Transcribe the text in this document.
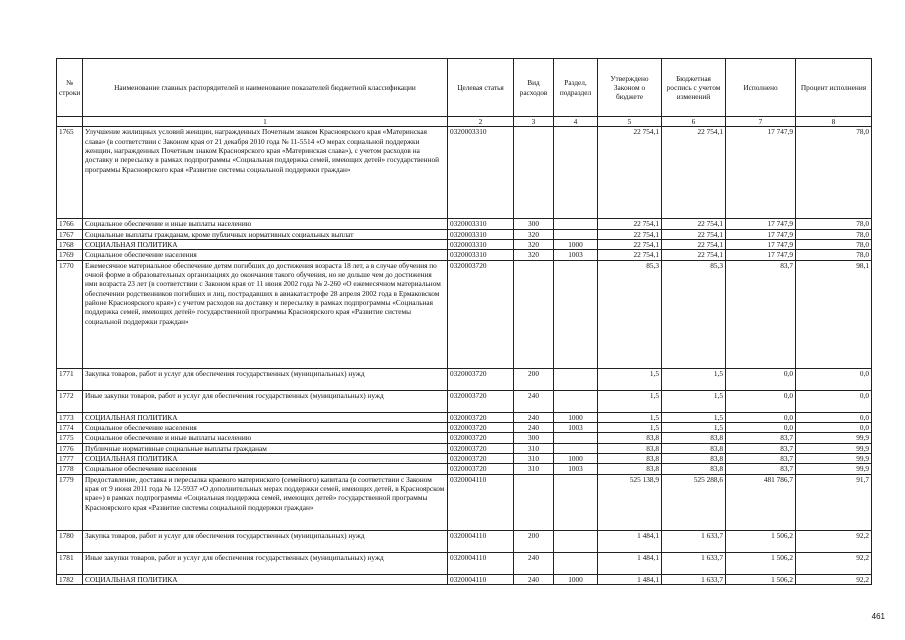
№ строки	Наименование главных распорядителей и наименование показателей бюджетной классификации	Целевая статья	Вид расходов	Раздел, подраздел	Утверждено Законом о бюджете	Бюджетная роспись с учетом изменений	Исполнено	Процент исполнения
	1	2	3	4	5	6	7	8
1765	Улучшение жилищных условий женщин, награжденных Почетным знаком Красноярского края «Материнская слава» (в соответствии с Законом края от 21 декабря 2010 года № 11-5514 «О мерах социальной поддержки женщин, награжденных Почетным знаком Красноярского края «Материнская слава»), с учетом расходов на доставку и пересылку в рамках подпрограммы «Социальная поддержка семей, имеющих детей» государственной программы Красноярского края «Развитие системы социальной поддержки граждан»	0320003310			22 754,1	22 754,1	17 747,9	78,0
1766	Социальное обеспечение и иные выплаты населению	0320003310	300		22 754,1	22 754,1	17 747,9	78,0
1767	Социальные выплаты гражданам, кроме публичных нормативных социальных выплат	0320003310	320		22 754,1	22 754,1	17 747,9	78,0
1768	СОЦИАЛЬНАЯ ПОЛИТИКА	0320003310	320	1000	22 754,1	22 754,1	17 747,9	78,0
1769	Социальное обеспечение населения	0320003310	320	1003	22 754,1	22 754,1	17 747,9	78,0
1770	Ежемесячное материальное обеспечение детям погибших до достижения возраста 18 лет, а в случае обучения по очной форме в образовательных организациях до окончания такого обучения, но не дольше чем до достижения ими возраста 23 лет (в соответствии с Законом края от 11 июня 2002 года № 2-260 «О ежемесячном материальном обеспечении родственников погибших и лиц, пострадавших в авиакатастрофе 28 апреля 2002 года в Ермаковском районе Красноярского края») с учетом расходов на доставку и пересылку в рамках подпрограммы «Социальная поддержка семей, имеющих детей» государственной программы Красноярского края «Развитие системы социальной поддержки граждан»	0320003720			85,3	85,3	83,7	98,1
1771	Закупка товаров, работ и услуг для обеспечения государственных (муниципальных) нужд	0320003720	200		1,5	1,5	0,0	0,0
1772	Иные закупки товаров, работ и услуг для обеспечения государственных (муниципальных) нужд	0320003720	240		1,5	1,5	0,0	0,0
1773	СОЦИАЛЬНАЯ ПОЛИТИКА	0320003720	240	1000	1,5	1,5	0,0	0,0
1774	Социальное обеспечение населения	0320003720	240	1003	1,5	1,5	0,0	0,0
1775	Социальное обеспечение и иные выплаты населению	0320003720	300		83,8	83,8	83,7	99,9
1776	Публичные нормативные социальные выплаты гражданам	0320003720	310		83,8	83,8	83,7	99,9
1777	СОЦИАЛЬНАЯ ПОЛИТИКА	0320003720	310	1000	83,8	83,8	83,7	99,9
1778	Социальное обеспечение населения	0320003720	310	1003	83,8	83,8	83,7	99,9
1779	Предоставление, доставка и пересылка краевого материнского (семейного) капитала (в соответствии с Законом края от 9 июня 2011 года № 12-5937 «О дополнительных мерах поддержки семей, имеющих детей, в Красноярском крае») в рамках подпрограммы «Социальная поддержка семей, имеющих детей» государственной программы Красноярского края «Развитие системы социальной поддержки граждан»	0320004110			525 138,9	525 288,6	481 786,7	91,7
1780	Закупка товаров, работ и услуг для обеспечения государственных (муниципальных) нужд	0320004110	200		1 484,1	1 633,7	1 506,2	92,2
1781	Иные закупки товаров, работ и услуг для обеспечения государственных (муниципальных) нужд	0320004110	240		1 484,1	1 633,7	1 506,2	92,2
1782	СОЦИАЛЬНАЯ ПОЛИТИКА	0320004110	240	1000	1 484,1	1 633,7	1 506,2	92,2
461
